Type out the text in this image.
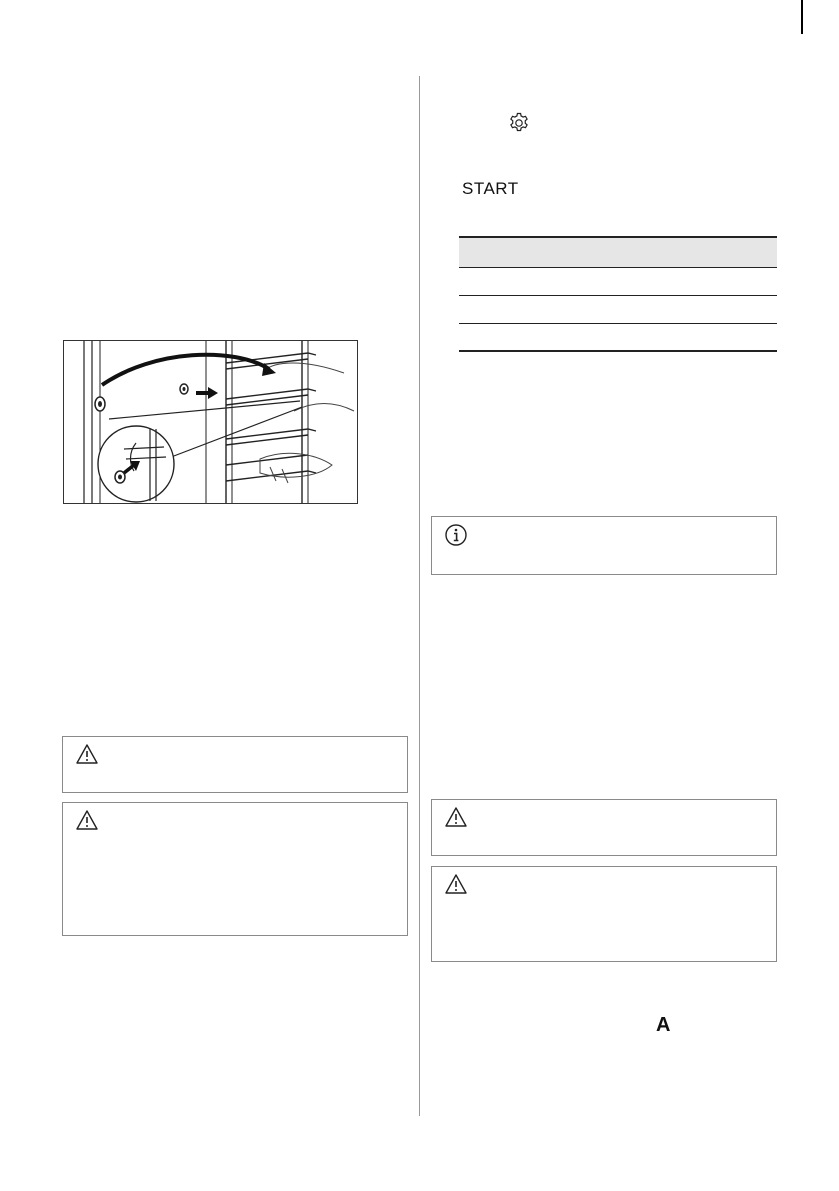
START
A
